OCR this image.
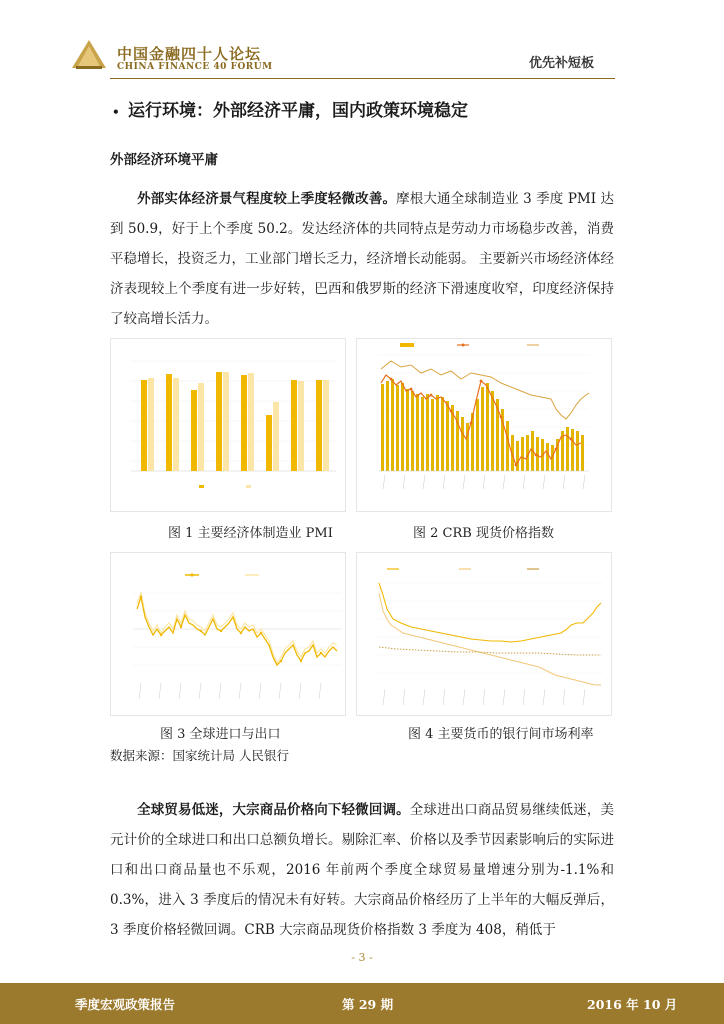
中国金融四十人论坛
CHINA FINANCE 40 FORUM	优先补短板
• 运行环境：外部经济平庸，国内政策环境稳定
外部经济环境平庸

外部实体经济景气程度较上季度轻微改善。摩根大通全球制造业 3 季度 PMI 达到 50.9，好于上个季度 50.2。发达经济体的共同特点是劳动力市场稳步改善，消费平稳增长，投资乏力，工业部门增长乏力，经济增长动能弱。 主要新兴市场经济体经济表现较上个季度有进一步好转，巴西和俄罗斯的经济下滑速度收窄，印度经济保持了较高增长活力。

图 1 主要经济体制造业 PMI	图 2 CRB 现货价格指数
图 3 全球进口与出口	图 4 主要货币的银行间市场利率
数据来源：国家统计局 人民银行

全球贸易低迷，大宗商品价格向下轻微回调。全球进出口商品贸易继续低迷，美元计价的全球进口和出口总额负增长。剔除汇率、价格以及季节因素影响后的实际进口和出口商品量也不乐观，2016 年前两个季度全球贸易量增速分别为-1.1%和 0.3%，进入 3 季度后的情况未有好转。大宗商品价格经历了上半年的大幅反弹后，3 季度价格轻微回调。CRB 大宗商品现货价格指数 3 季度为 408，稍低于

- 3 -
季度宏观政策报告	第 29 期	2016 年 10 月
